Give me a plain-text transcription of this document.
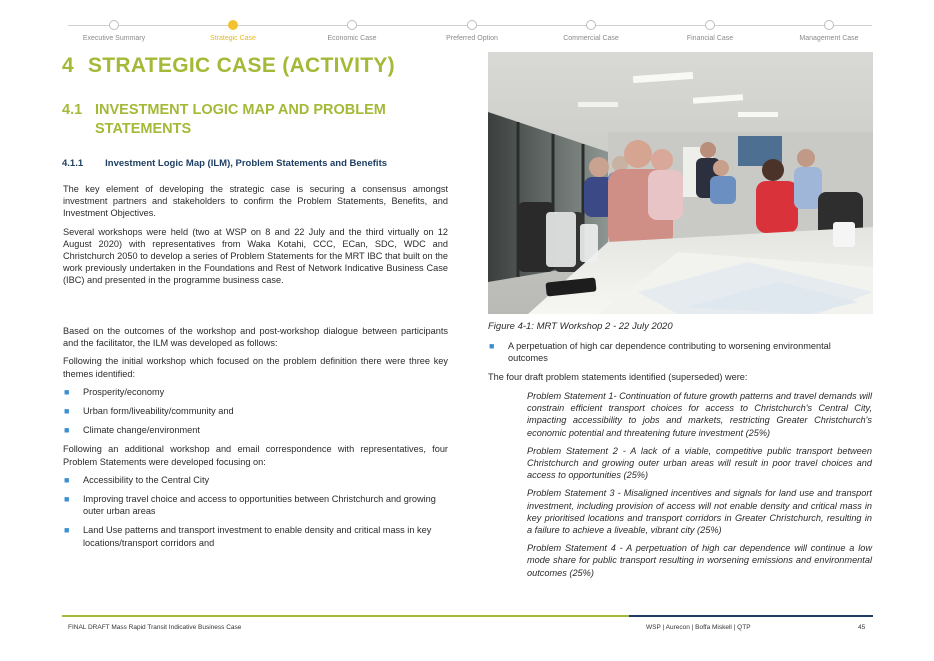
Executive Summary	Strategic Case	Economic Case	Preferred Option	Commercial Case	Financial Case	Management Case
4 STRATEGIC CASE (ACTIVITY)
4.1 INVESTMENT LOGIC MAP AND PROBLEM STATEMENTS
4.1.1 Investment Logic Map (ILM), Problem Statements and Benefits

The key element of developing the strategic case is securing a consensus amongst investment partners and stakeholders to confirm the Problem Statements, Benefits, and Investment Objectives.

Several workshops were held (two at WSP on 8 and 22 July and the third virtually on 12 August 2020) with representatives from Waka Kotahi, CCC, ECan, SDC, WDC and Christchurch 2050 to develop a series of Problem Statements for the MRT IBC that built on the work previously undertaken in the Foundations and Rest of Network Indicative Business Case (IBC) and presented in the programme business case.

Based on the outcomes of the workshop and post-workshop dialogue between participants and the facilitator, the ILM was developed as follows:

Following the initial workshop which focused on the problem definition there were three key themes identified:

■ Prosperity/economy
■ Urban form/liveability/community and
■ Climate change/environment

Following an additional workshop and email correspondence with representatives, four Problem Statements were developed focusing on:

■ Accessibility to the Central City
■ Improving travel choice and access to opportunities between Christchurch and growing outer urban areas
■ Land Use patterns and transport investment to enable density and critical mass in key locations/transport corridors and
Figure 4-1: MRT Workshop 2 - 22 July 2020
■ A perpetuation of high car dependence contributing to worsening environmental outcomes

The four draft problem statements identified (superseded) were:

Problem Statement 1- Continuation of future growth patterns and travel demands will constrain efficient transport choices for access to Christchurch's Central City, impacting accessibility to jobs and markets, restricting Greater Christchurch's economic potential and threatening future investment (25%)

Problem Statement 2 - A lack of a viable, competitive public transport between Christchurch and growing outer urban areas will result in poor travel choices and access to opportunities (25%)

Problem Statement 3 - Misaligned incentives and signals for land use and transport investment, including provision of access will not enable density and critical mass in key prioritised locations and transport corridors in Greater Christchurch, resulting in a failure to achieve a liveable, vibrant city (25%)

Problem Statement 4 - A perpetuation of high car dependence will continue a low mode share for public transport resulting in worsening emissions and environmental outcomes (25%)

FINAL DRAFT Mass Rapid Transit Indicative Business Case	WSP | Aurecon | Boffa Miskell | QTP	45
